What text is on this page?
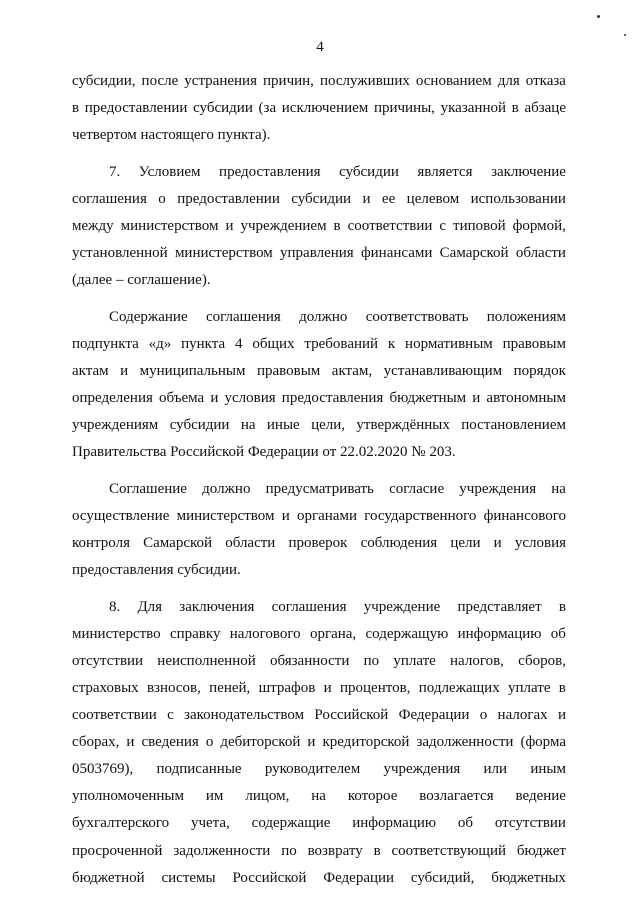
4
субсидии, после устранения причин, послуживших основанием для отказа
в предоставлении субсидии (за исключением причины, указанной в абзаце
четвертом настоящего пункта).
7. Условием предоставления субсидии является заключение
соглашения о предоставлении субсидии и ее целевом использовании
между министерством и учреждением в соответствии с типовой формой,
установленной министерством управления финансами Самарской области
(далее – соглашение).
Содержание соглашения должно соответствовать положениям
подпункта «д» пункта 4 общих требований к нормативным правовым
актам и муниципальным правовым актам, устанавливающим порядок
определения объема и условия предоставления бюджетным и автономным
учреждениям субсидии на иные цели, утверждённых постановлением
Правительства Российской Федерации от 22.02.2020 № 203.
Соглашение должно предусматривать согласие учреждения на
осуществление министерством и органами государственного финансового
контроля Самарской области проверок соблюдения цели и условия
предоставления субсидии.
8. Для заключения соглашения учреждение представляет в
министерство справку налогового органа, содержащую информацию об
отсутствии неисполненной обязанности по уплате налогов, сборов,
страховых взносов, пеней, штрафов и процентов, подлежащих уплате в
соответствии с законодательством Российской Федерации о налогах и
сборах, и сведения о дебиторской и кредиторской задолженности (форма
0503769), подписанные руководителем учреждения или иным
уполномоченным им лицом, на которое возлагается ведение
бухгалтерского учета, содержащие информацию об отсутствии
просроченной задолженности по возврату в соответствующий бюджет
бюджетной системы Российской Федерации субсидий, бюджетных
